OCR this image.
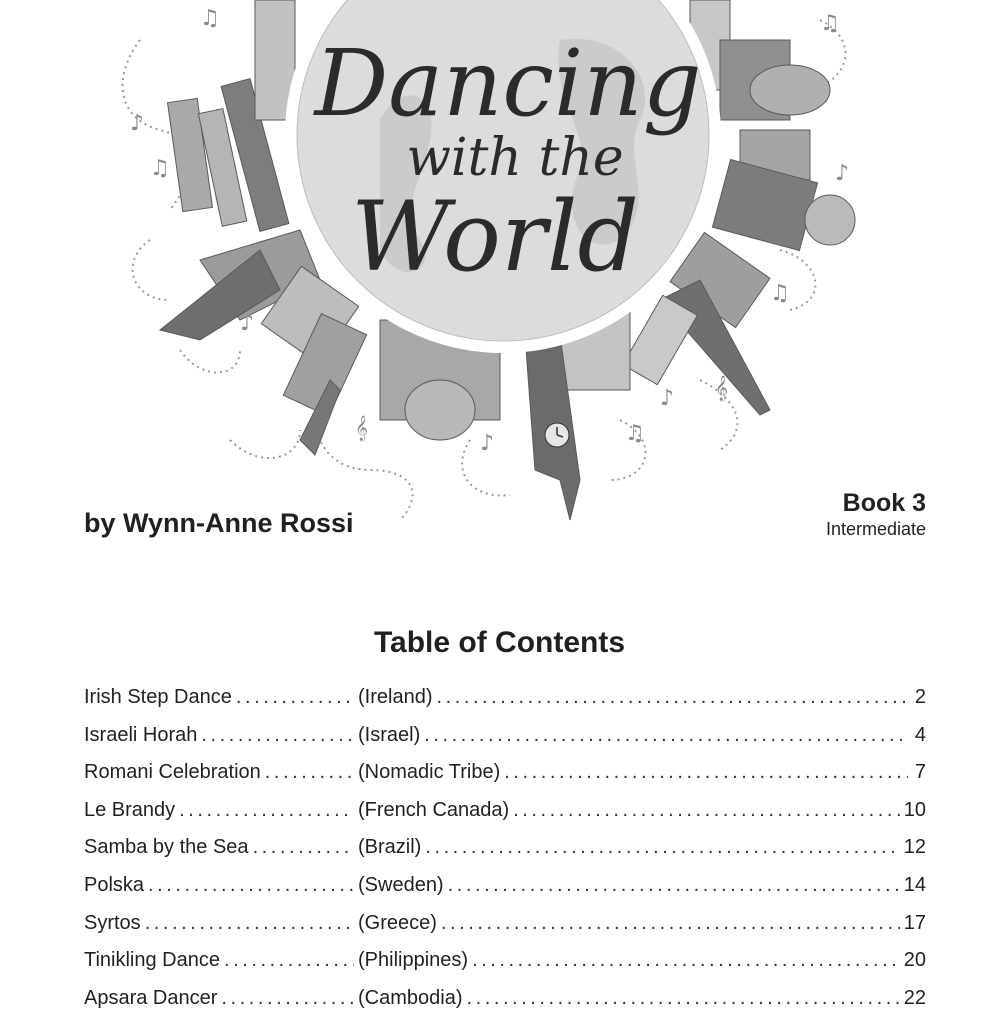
Dancing
with the
World
♫
♪
♫
♪
♫
♪
♫
♪
♪
𝄞
𝄞
♫
by Wynn-Anne Rossi
Book 3
Intermediate
Table of Contents
Irish Step Dance . . .	(Ireland) . . .	2
Israeli Horah . . .	(Israel) . . .	4
Romani Celebration . . .	(Nomadic Tribe) . . .	7
Le Brandy . . .	(French Canada) . . .	10
Samba by the Sea . . .	(Brazil) . . .	12
Polska . . .	(Sweden) . . .	14
Syrtos . . .	(Greece) . . .	17
Tinikling Dance . . .	(Philippines) . . .	20
Apsara Dancer . . .	(Cambodia) . . .	22
